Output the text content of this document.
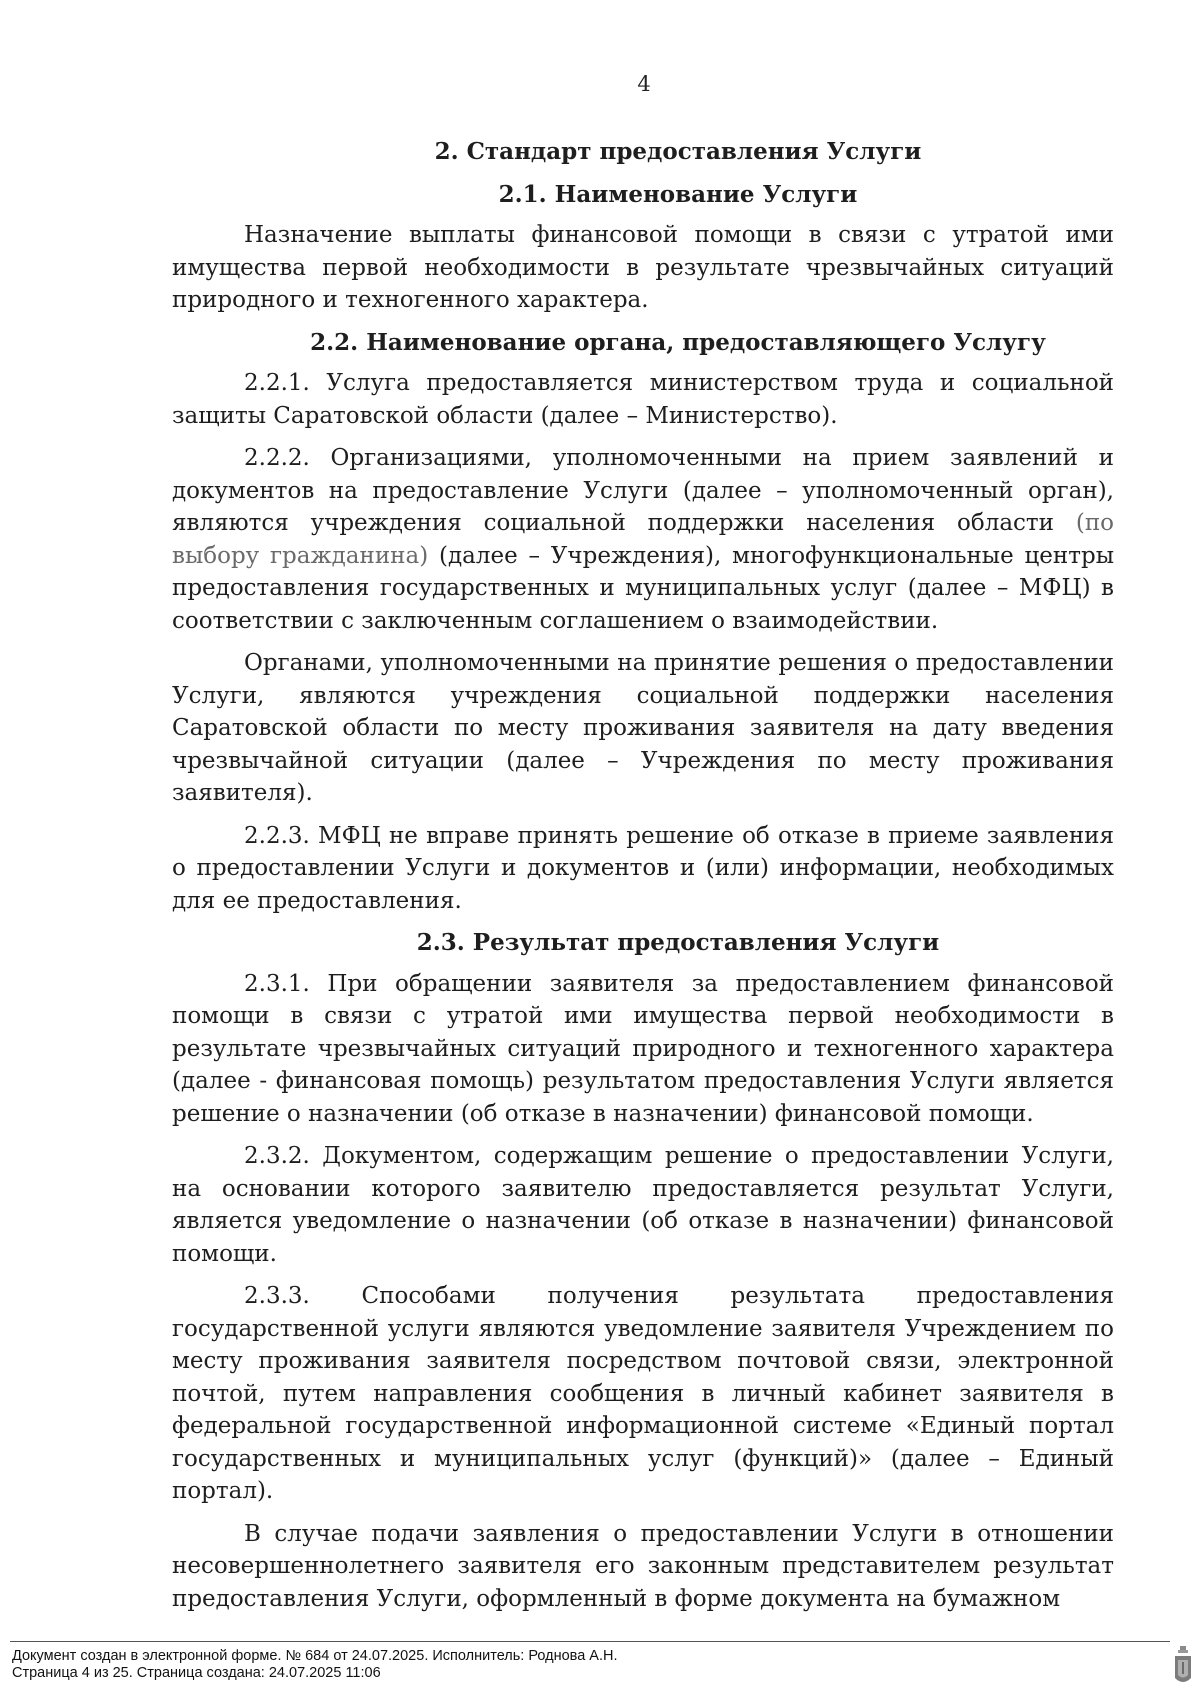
4

2. Стандарт предоставления Услуги

2.1. Наименование Услуги

Назначение выплаты финансовой помощи в связи с утратой ими имущества первой необходимости в результате чрезвычайных ситуаций природного и техногенного характера.

2.2. Наименование органа, предоставляющего Услугу

2.2.1. Услуга предоставляется министерством труда и социальной защиты Саратовской области (далее – Министерство).

2.2.2. Организациями, уполномоченными на прием заявлений и документов на предоставление Услуги (далее – уполномоченный орган), являются учреждения социальной поддержки населения области (по выбору гражданина) (далее – Учреждения), многофункциональные центры предоставления государственных и муниципальных услуг (далее – МФЦ) в соответствии с заключенным соглашением о взаимодействии.

Органами, уполномоченными на принятие решения о предоставлении Услуги, являются учреждения социальной поддержки населения Саратовской области по месту проживания заявителя на дату введения чрезвычайной ситуации (далее – Учреждения по месту проживания заявителя).

2.2.3. МФЦ не вправе принять решение об отказе в приеме заявления о предоставлении Услуги и документов и (или) информации, необходимых для ее предоставления.

2.3. Результат предоставления Услуги

2.3.1. При обращении заявителя за предоставлением финансовой помощи в связи с утратой ими имущества первой необходимости в результате чрезвычайных ситуаций природного и техногенного характера (далее - финансовая помощь) результатом предоставления Услуги является решение о назначении (об отказе в назначении) финансовой помощи.

2.3.2. Документом, содержащим решение о предоставлении Услуги, на основании которого заявителю предоставляется результат Услуги, является уведомление о назначении (об отказе в назначении) финансовой помощи.

2.3.3. Способами получения результата предоставления государственной услуги являются уведомление заявителя Учреждением по месту проживания заявителя посредством почтовой связи, электронной почтой, путем направления сообщения в личный кабинет заявителя в федеральной государственной информационной системе «Единый портал государственных и муниципальных услуг (функций)» (далее – Единый портал).

В случае подачи заявления о предоставлении Услуги в отношении несовершеннолетнего заявителя его законным представителем результат предоставления Услуги, оформленный в форме документа на бумажном

Документ создан в электронной форме. № 684 от 24.07.2025. Исполнитель: Роднова А.Н.
Страница 4 из 25. Страница создана: 24.07.2025 11:06
